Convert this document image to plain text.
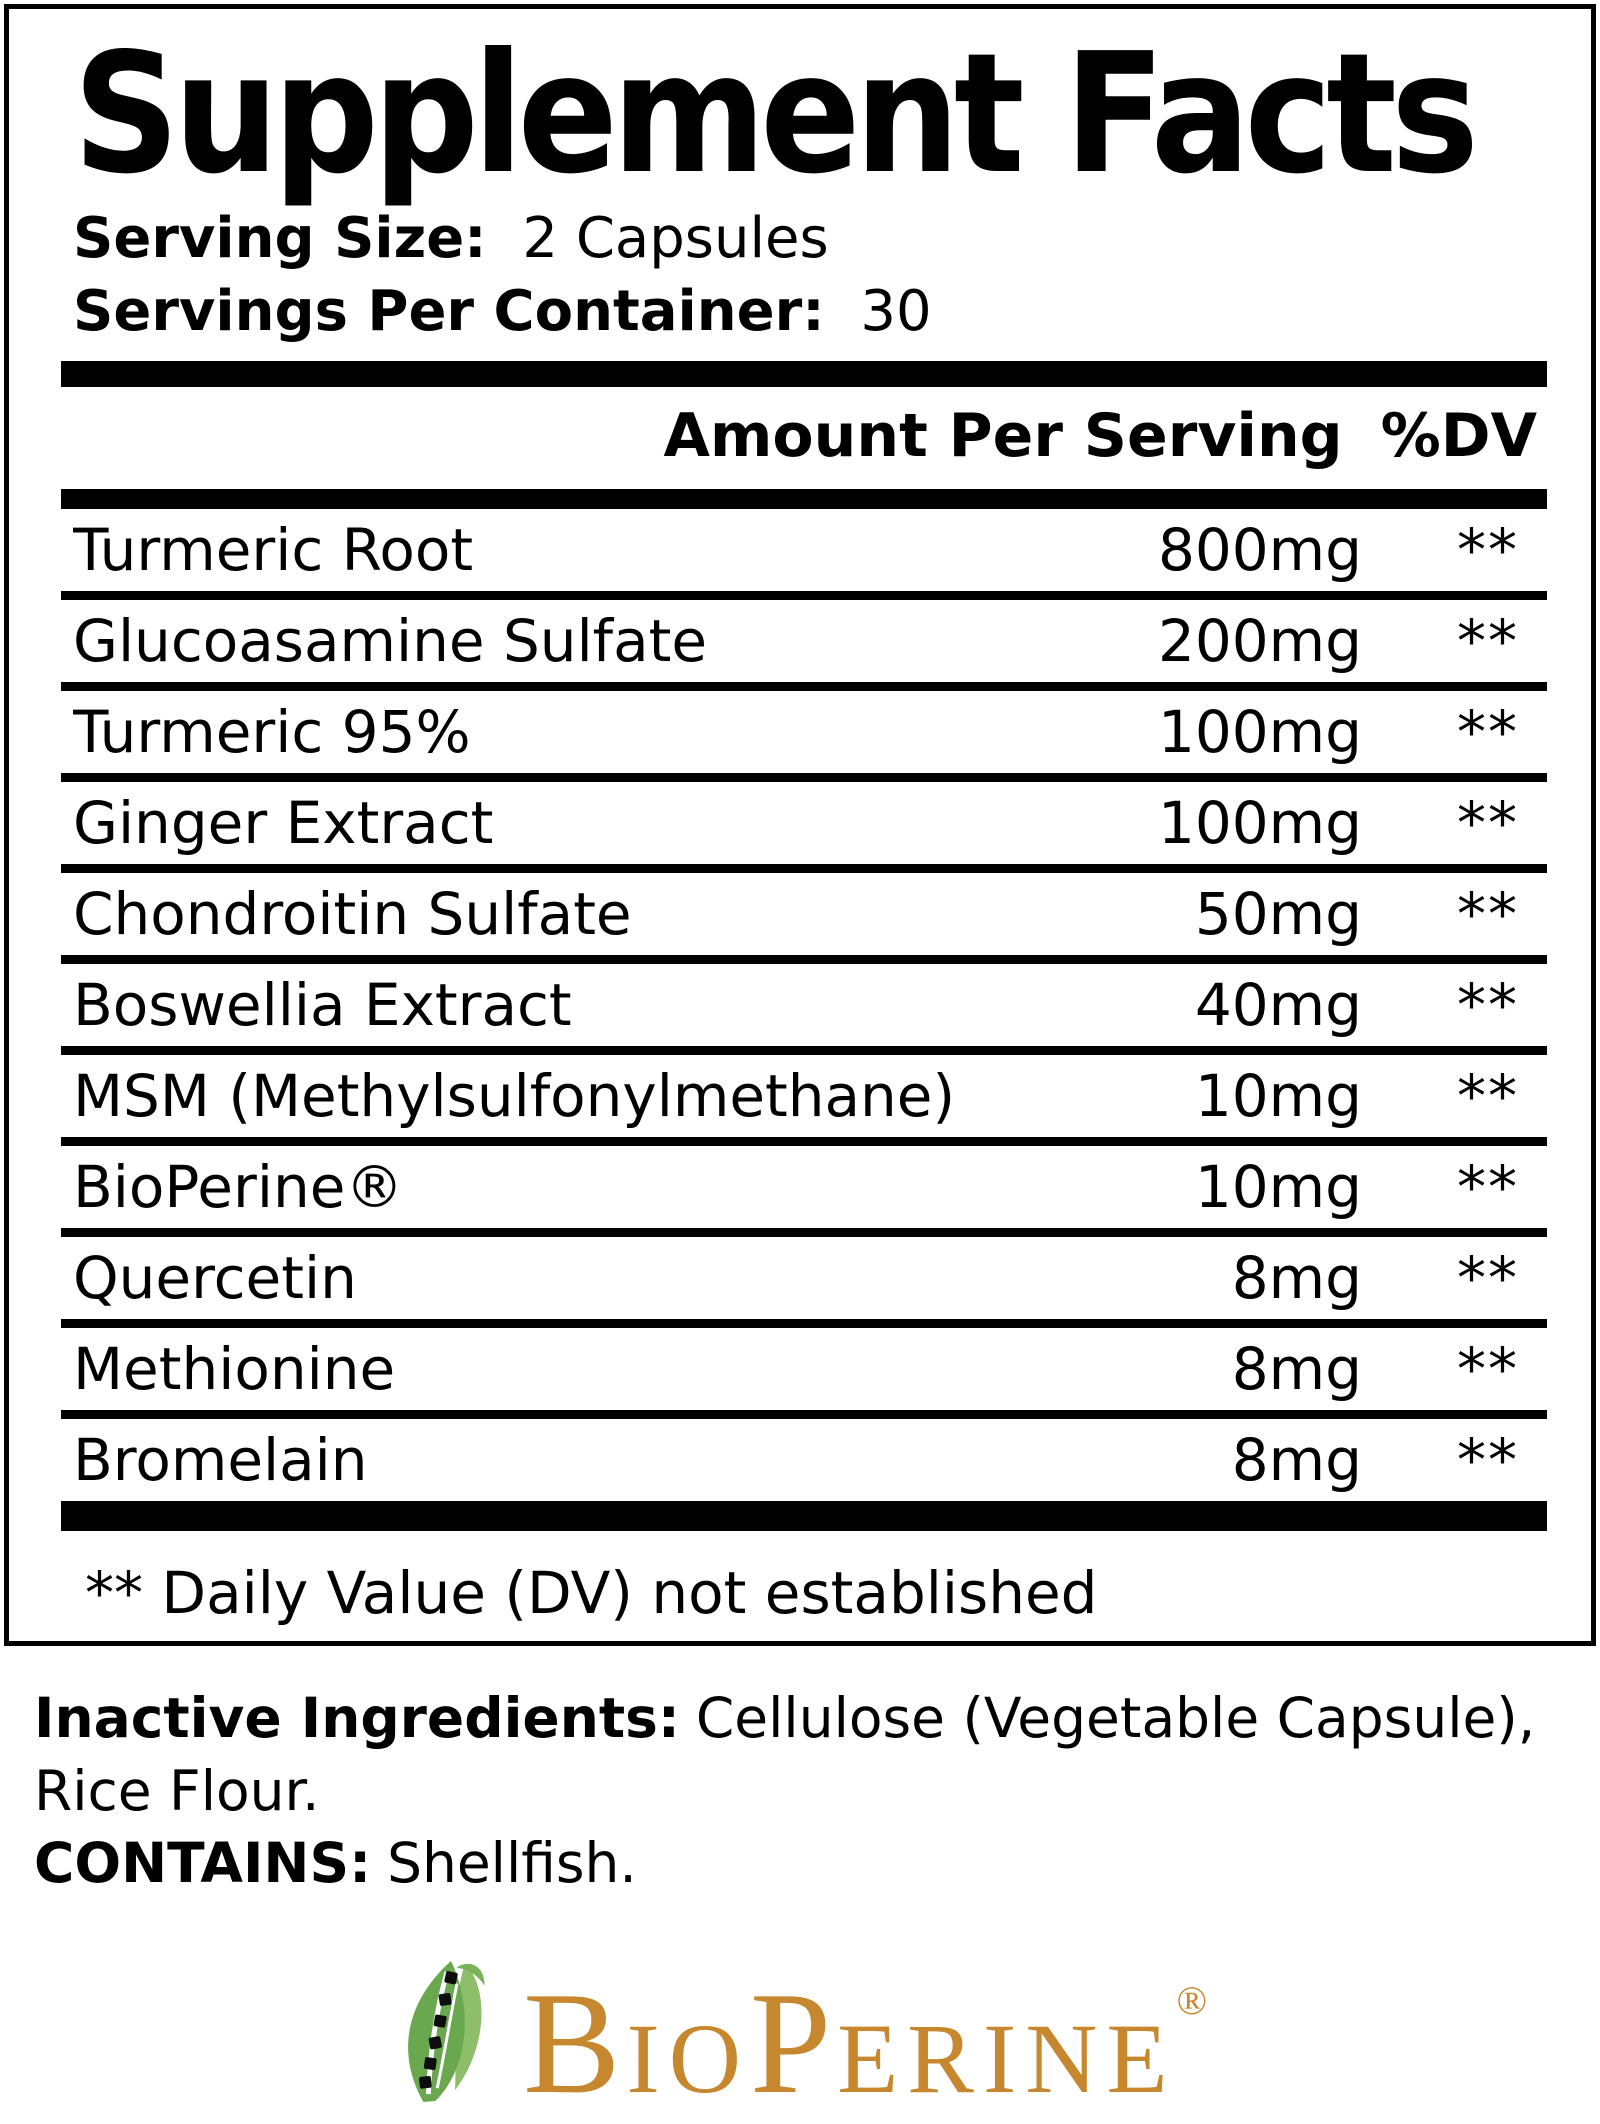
Supplement Facts
Serving Size: 2 Capsules
Servings Per Container: 30
Amount Per Serving %DV
Turmeric Root	800mg	**
Glucoasamine Sulfate	200mg	**
Turmeric 95%	100mg	**
Ginger Extract	100mg	**
Chondroitin Sulfate	50mg	**
Boswellia Extract	40mg	**
MSM (Methylsulfonylmethane)	10mg	**
BioPerine®	10mg	**
Quercetin	8mg	**
Methionine	8mg	**
Bromelain	8mg	**
** Daily Value (DV) not established

Inactive Ingredients: Cellulose (Vegetable Capsule), Rice Flour.

CONTAINS: Shellfish.

BIOPERINE®
